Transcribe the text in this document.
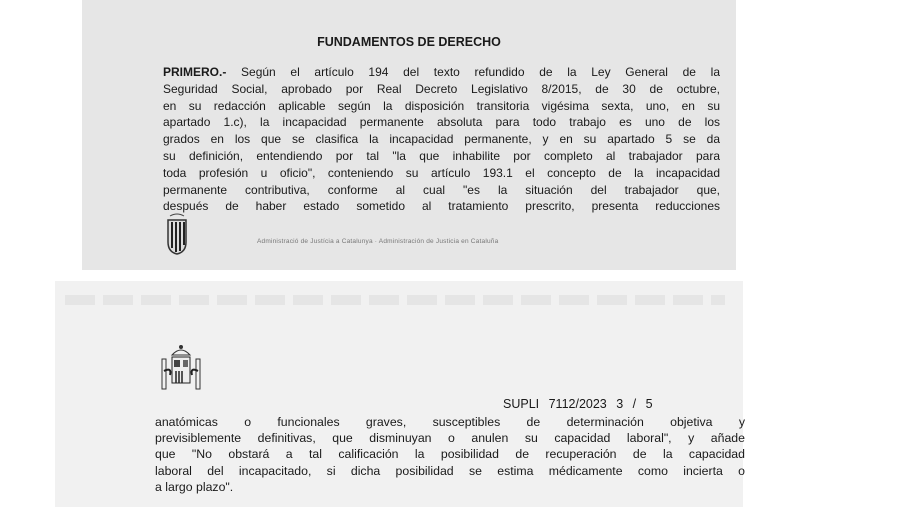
FUNDAMENTOS DE DERECHO
PRIMERO.- Según el artículo 194 del texto refundido de la Ley General de la
Seguridad Social, aprobado por Real Decreto Legislativo 8/2015, de 30 de octubre,
en su redacción aplicable según la disposición transitoria vigésima sexta, uno, en su
apartado 1.c), la incapacidad permanente absoluta para todo trabajo es uno de los
grados en los que se clasifica la incapacidad permanente, y en su apartado 5 se da
su definición, entendiendo por tal "la que inhabilite por completo al trabajador para
toda profesión u oficio", conteniendo su artículo 193.1 el concepto de la incapacidad
permanente contributiva, conforme al cual "es la situación del trabajador que,
después de haber estado sometido al tratamiento prescrito, presenta reducciones
Administració de Justícia a Catalunya · Administración de Justicia en Cataluña
SUPLI 7112/2023 3 / 5
anatómicas o funcionales graves, susceptibles de determinación objetiva y
previsiblemente definitivas, que disminuyan o anulen su capacidad laboral", y añade
que "No obstará a tal calificación la posibilidad de recuperación de la capacidad
laboral del incapacitado, si dicha posibilidad se estima médicamente como incierta o
a largo plazo".
